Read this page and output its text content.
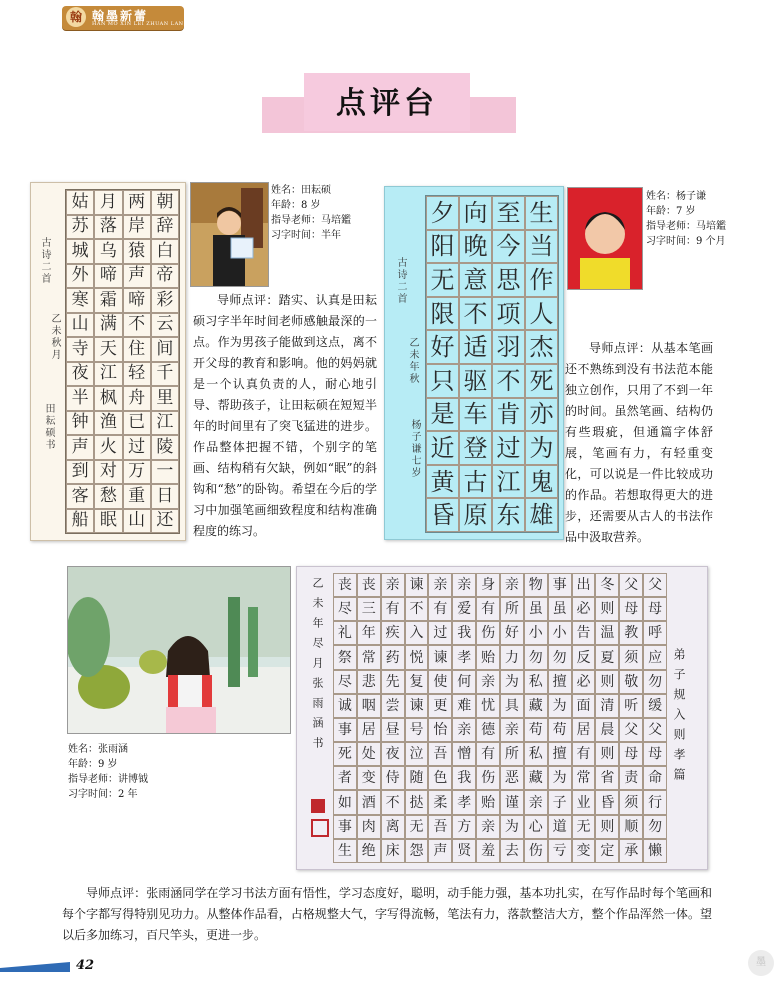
翰 翰墨新蕾
HAN MO XIN LEI ZHUAN LAN
点评台
姑 月 两 朝
苏 落 岸 辞
城 乌 猿 白
外 啼 声 帝
寒 霜 啼 彩
山 满 不 云
寺 天 住 间
夜 江 轻 千
半 枫 舟 里
钟 渔 已 江
声 火 过 陵
到 对 万 一
客 愁 重 日
船 眠 山 还
古诗二首
乙未秋月
田耘硕书
姓名：田耘硕
年龄：8 岁
指导老师：马培鑑
习字时间：半年
导师点评：踏实、认真是田耘硕习字半年时间老师感触最深的一点。作为男孩子能做到这点，离不开父母的教育和影响。他的妈妈就是一个认真负责的人，耐心地引导、帮助孩子，让田耘硕在短短半年的时间里有了突飞猛进的进步。作品整体把握不错，个别字的笔画、结构稍有欠缺，例如“眠”的斜钩和“愁”的卧钩。希望在今后的学习中加强笔画细致程度和结构准确程度的练习。
夕 向 至 生
阳 晚 今 当
无 意 思 作
限 不 项 人
好 适 羽 杰
只 驱 不 死
是 车 肯 亦
近 登 过 为
黄 古 江 鬼
昏 原 东 雄
古诗二首
乙未年秋
杨子谦七岁
姓名：杨子谦
年龄：7 岁
指导老师：马培鑑
习字时间：9 个月
导师点评：从基本笔画还不熟练到没有书法范本能独立创作，只用了不到一年的时间。虽然笔画、结构仍有些瑕疵，但通篇字体舒展，笔画有力，有轻重变化，可以说是一件比较成功的作品。若想取得更大的进步，还需要从古人的书法作品中汲取营养。
姓名：张雨涵
年龄：9 岁
指导老师：讲博钺
习字时间：2 年
丧 丧 亲 谏 亲 亲 身 亲 物 事 出 冬 父 父
尽 三 有 不 有 爱 有 所 虽 虽 必 则 母 母
礼 年 疾 入 过 我 伤 好 小 小 告 温 教 呼
祭 常 药 悦 谏 孝 贻 力 勿 勿 反 夏 须 应
尽 悲 先 复 使 何 亲 为 私 擅 必 则 敬 勿
诚 咽 尝 谏 更 难 忧 具 藏 为 面 清 听 缓
事 居 昼 号 怡 亲 德 亲 苟 苟 居 晨 父 父
死 处 夜 泣 吾 憎 有 所 私 擅 有 则 母 母
者 变 侍 随 色 我 伤 恶 藏 为 常 省 责 命
如 酒 不 挞 柔 孝 贻 谨 亲 子 业 昏 须 行
事 肉 离 无 吾 方 亲 为 心 道 无 则 顺 勿
生 绝 床 怨 声 贤 羞 去 伤 亏 变 定 承 懒
弟子规入则孝篇
乙未年尽月张雨涵书
导师点评：张雨涵同学在学习书法方面有悟性，学习态度好，聪明，动手能力强，基本功扎实，在写作品时每个笔画和每个字都写得特别见功力。从整体作品看，占格规整大气，字写得流畅，笔法有力，落款整洁大方，整个作品浑然一体。望以后多加练习，百尺竿头，更进一步。
42	墨
